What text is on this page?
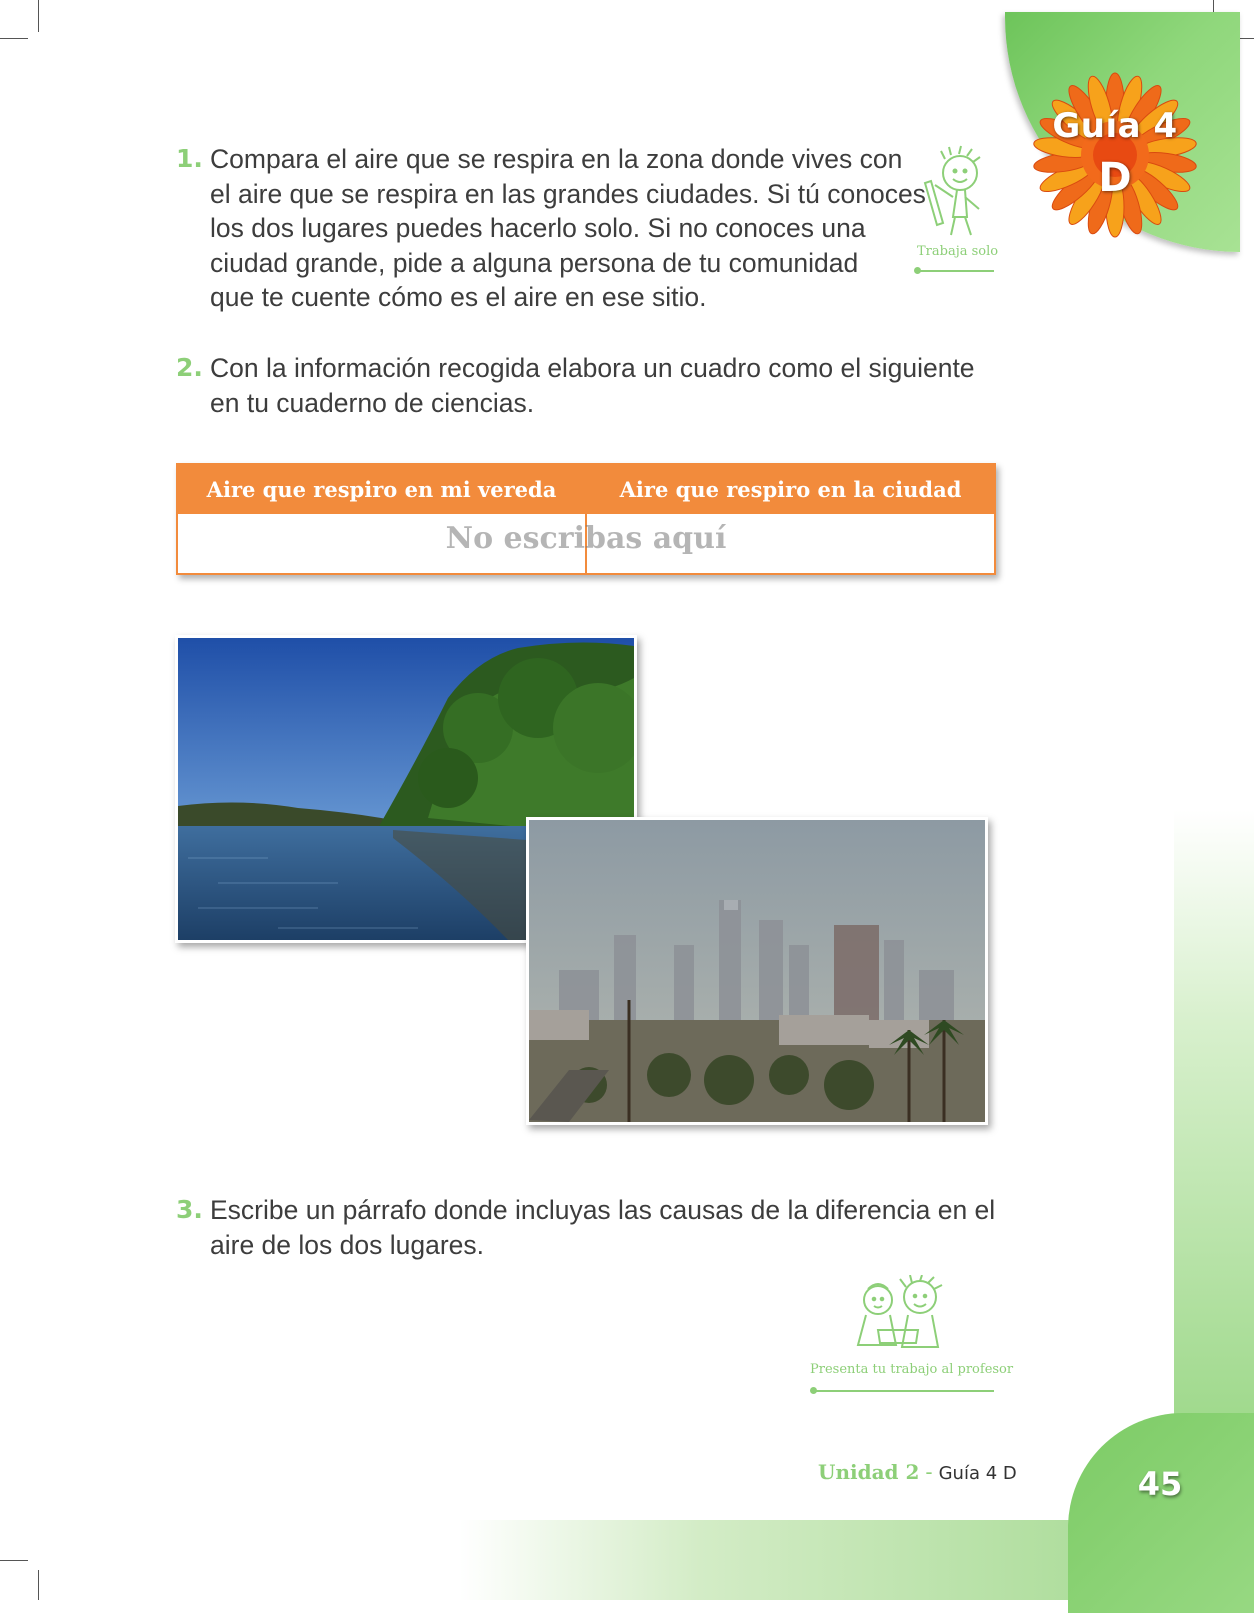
Guía 4
D
1. Compara el aire que se respira en la zona donde vives con
el aire que se respira en las grandes ciudades. Si tú conoces
los dos lugares puedes hacerlo solo. Si no conoces una
ciudad grande, pide a alguna persona de tu comunidad
que te cuente cómo es el aire en ese sitio.
Trabaja solo
2. Con la información recogida elabora un cuadro como el siguiente
en tu cuaderno de ciencias.
Aire que respiro en mi vereda	Aire que respiro en la ciudad
No escribas aquí
3. Escribe un párrafo donde incluyas las causas de la diferencia en el
aire de los dos lugares.
Presenta tu trabajo al profesor
Unidad 2 - Guía 4 D	45
